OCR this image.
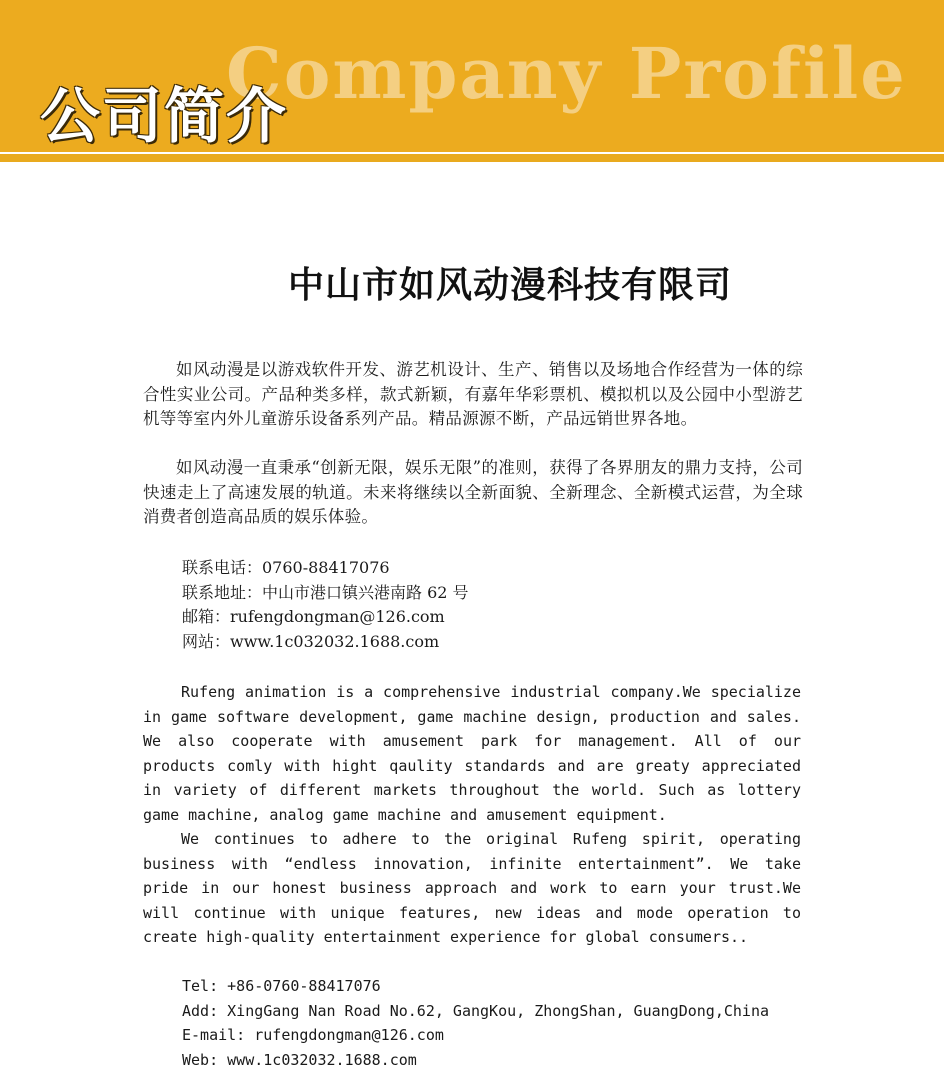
Company Profile
公司简介
中山市如风动漫科技有限司

如风动漫是以游戏软件开发、游艺机设计、生产、销售以及场地合作经营为一体的综合性实业公司。产品种类多样，款式新颖，有嘉年华彩票机、模拟机以及公园中小型游艺机等等室内外儿童游乐设备系列产品。精品源源不断，产品远销世界各地。

如风动漫一直秉承“创新无限，娱乐无限”的准则，获得了各界朋友的鼎力支持，公司快速走上了高速发展的轨道。未来将继续以全新面貌、全新理念、全新模式运营，为全球消费者创造高品质的娱乐体验。

联系电话：0760-88417076
联系地址：中山市港口镇兴港南路 62 号
邮箱：rufengdongman@126.com
网站：www.1c032032.1688.com

Rufeng animation is a comprehensive industrial company.We specialize in game software development, game machine design, production and sales. We also cooperate with amusement park for management. All of our products comly with hight qaulity standards and are greaty appreciated in variety of different markets throughout the world. Such as lottery game machine, analog game machine and amusement equipment.

We continues to adhere to the original Rufeng spirit, operating business with “endless innovation, infinite entertainment”. We take pride in our honest business approach and work to earn your trust.We will continue with unique features, new ideas and mode operation to create high-quality entertainment experience for global consumers..

Tel: +86-0760-88417076
Add: XingGang Nan Road No.62, GangKou, ZhongShan, GuangDong,China
E-mail: rufengdongman@126.com
Web: www.1c032032.1688.com
